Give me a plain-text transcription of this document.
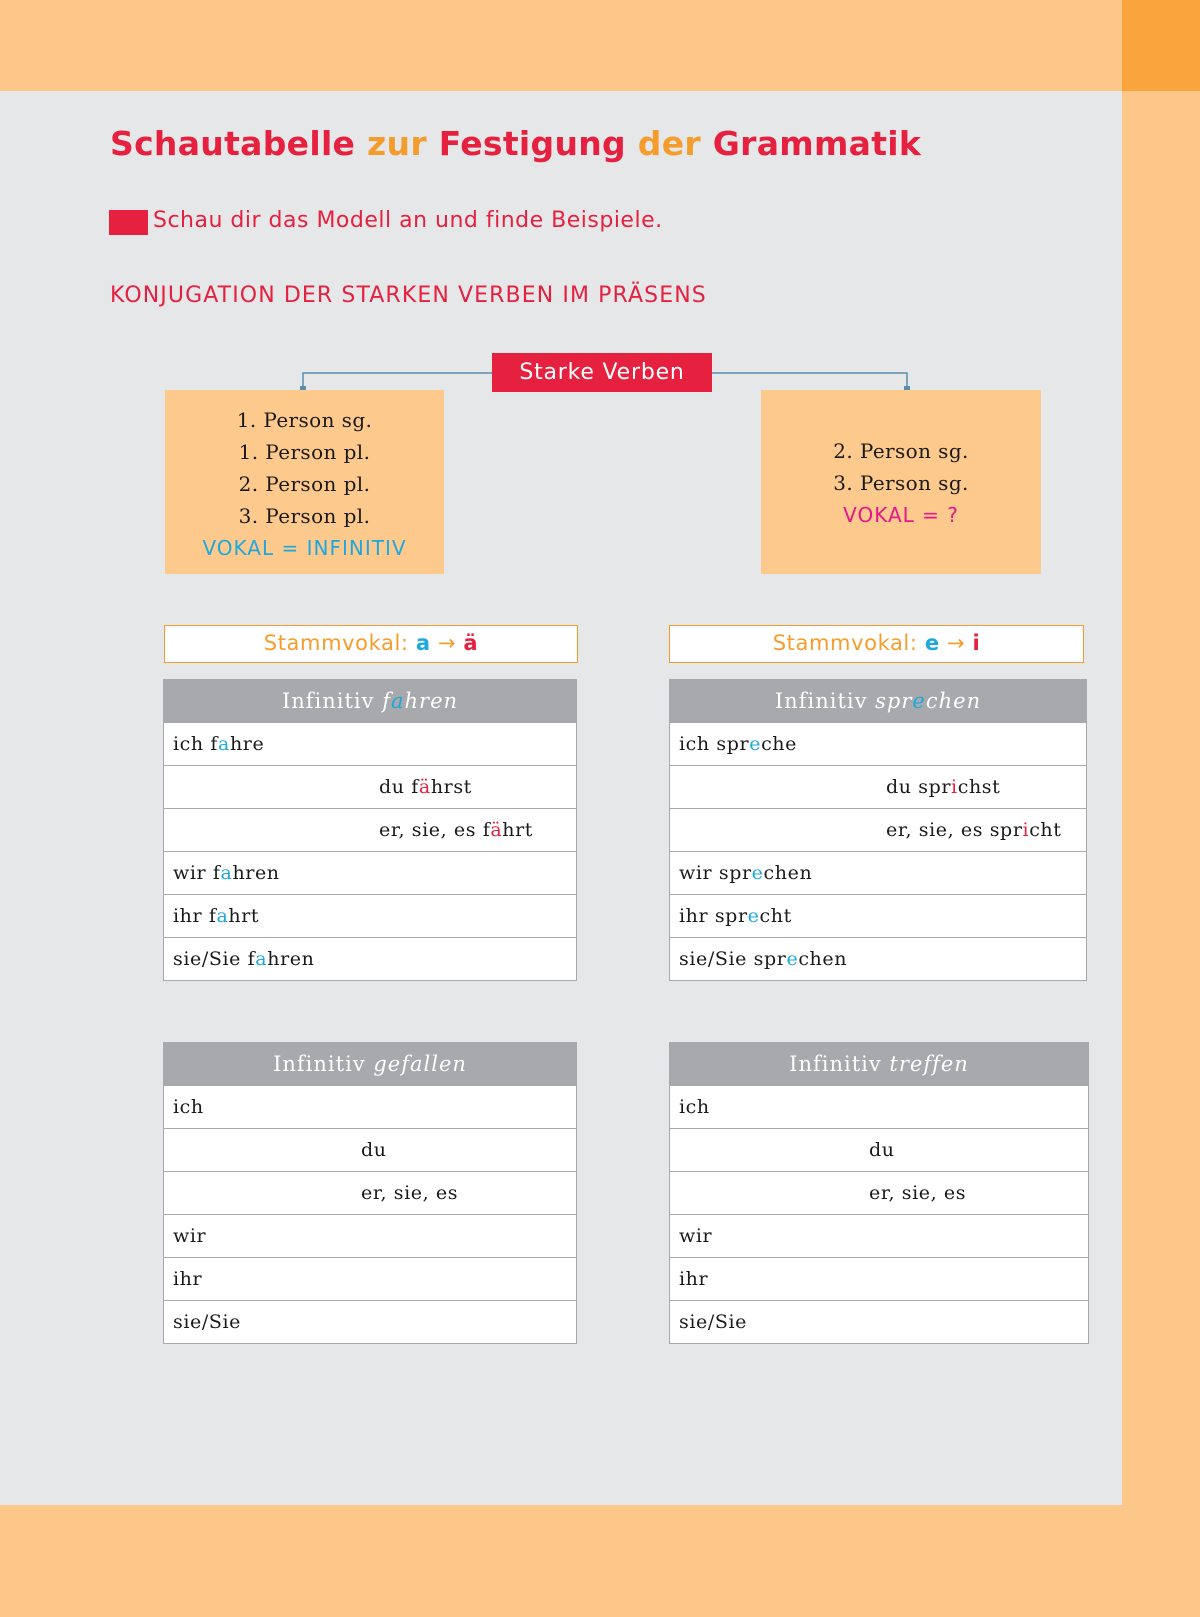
Schautabelle zur Festigung der Grammatik
Schau dir das Modell an und finde Beispiele.
KONJUGATION DER STARKEN VERBEN IM PRÄSENS
Starke Verben
1. Person sg.
1. Person pl.
2. Person pl.
3. Person pl.
VOKAL = INFINITIV
2. Person sg.
3. Person sg.
VOKAL = ?
Stammvokal: a → ä	Stammvokal: e → i
Infinitiv fahren
ich fahre
du fährst
er, sie, es fährt
wir fahren
ihr fahrt
sie/Sie fahren
Infinitiv sprechen
ich spreche
du sprichst
er, sie, es spricht
wir sprechen
ihr sprecht
sie/Sie sprechen
Infinitiv gefallen
ich
du
er, sie, es
wir
ihr
sie/Sie
Infinitiv treffen
ich
du
er, sie, es
wir
ihr
sie/Sie
